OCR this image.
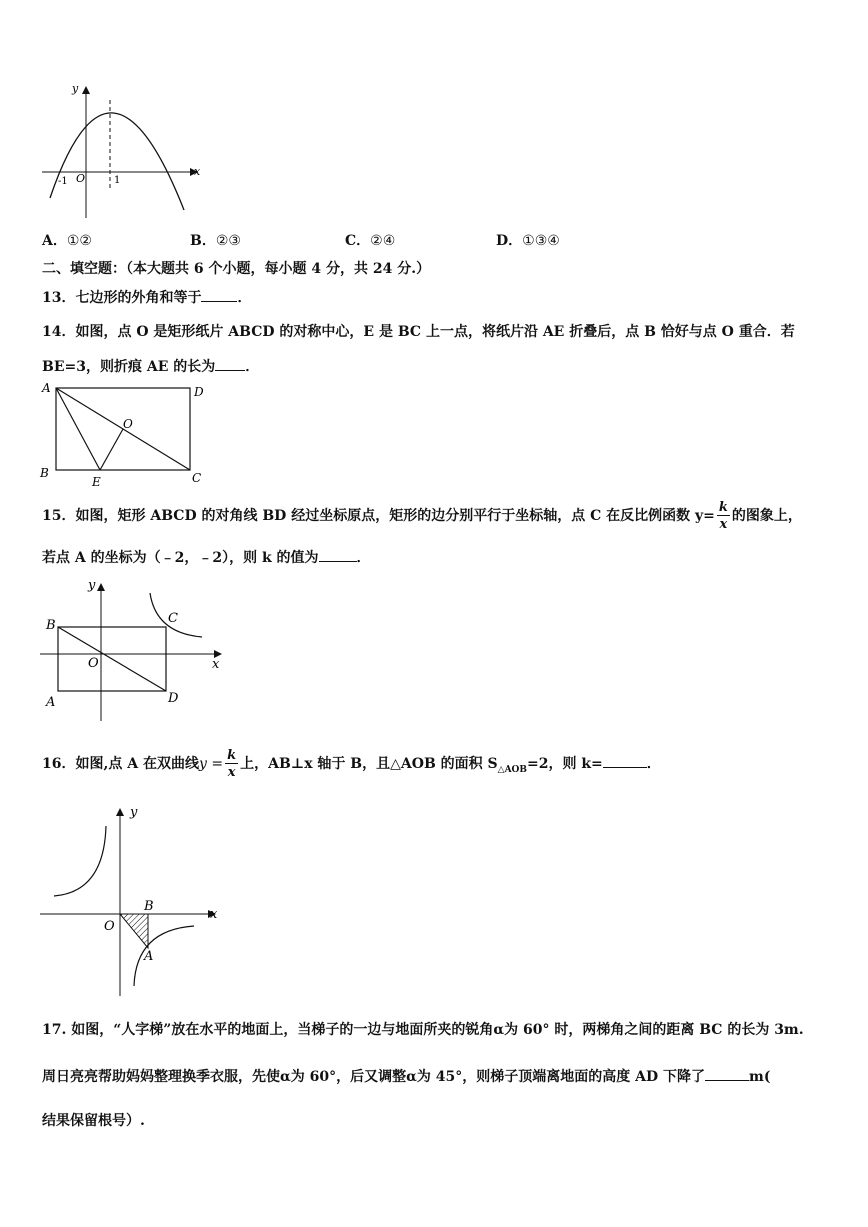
y
x
O
-1	1
A．①②	B．②③	C．②④	D．①③④
二、填空题：（本大题共 6 个小题，每小题 4 分，共 24 分.）
13．七边形的外角和等于	．
14．如图，点 O 是矩形纸片 ABCD 的对称中心，E 是 BC 上一点，将纸片沿 AE 折叠后，点 B 恰好与点 O 重合．若
BE=3，则折痕 AE 的长为 ．
A	D
B	C
E
O
15．如图，矩形 ABCD 的对角线 BD 经过坐标原点，矩形的边分别平行于坐标轴，点 C 在反比例函数 $y= \frac{k}{x}$ 的图象上，
若点 A 的坐标为（﹣2，﹣2），则 k 的值为	．
y
x
O
B
A
C
D
16．如图,点 A 在双曲线$y = \frac{k}{x}$ 上，AB⊥x 轴于 B，且△AOB 的面积 $S_{\triangle AOB}=2$，则 k=	．
y
x
O
B
A
17. 如图，“人字梯”放在水平的地面上，当梯子的一边与地面所夹的锐角α为 60° 时，两梯角之间的距离 BC 的长为 3m.
周日亮亮帮助妈妈整理换季衣服，先使α为 60°，后又调整α为 45°，则梯子顶端离地面的高度 AD 下降了	m(
结果保留根号）.
